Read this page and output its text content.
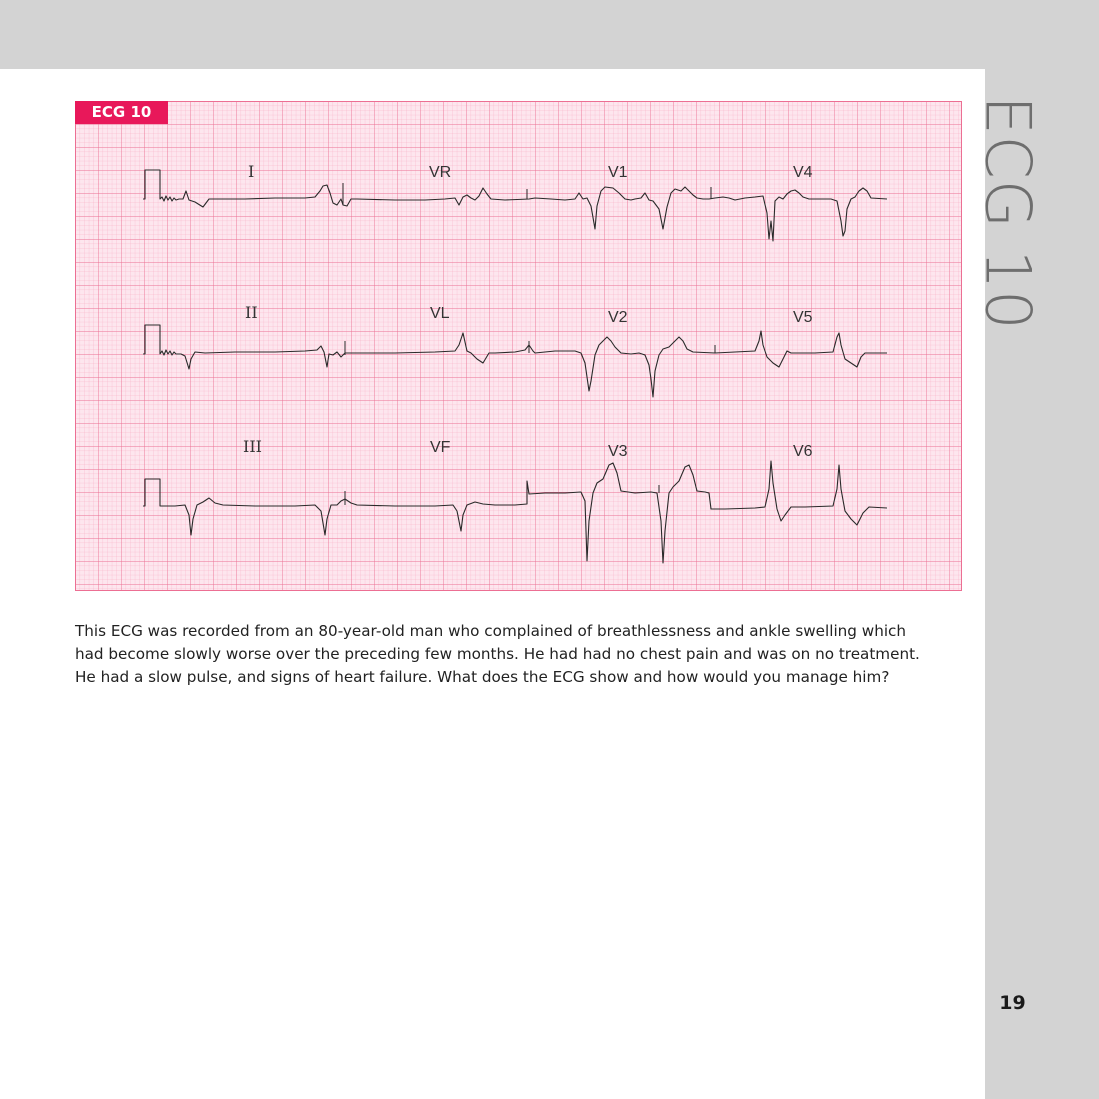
ECG 10
I	VR	V1	V4
II	VL	V2	V5
III	VF	V3	V6
ECG 10

This ECG was recorded from an 80-year-old man who complained of breathlessness and ankle swelling which

had become slowly worse over the preceding few months. He had had no chest pain and was on no treatment.

He had a slow pulse, and signs of heart failure. What does the ECG show and how would you manage him?

19
